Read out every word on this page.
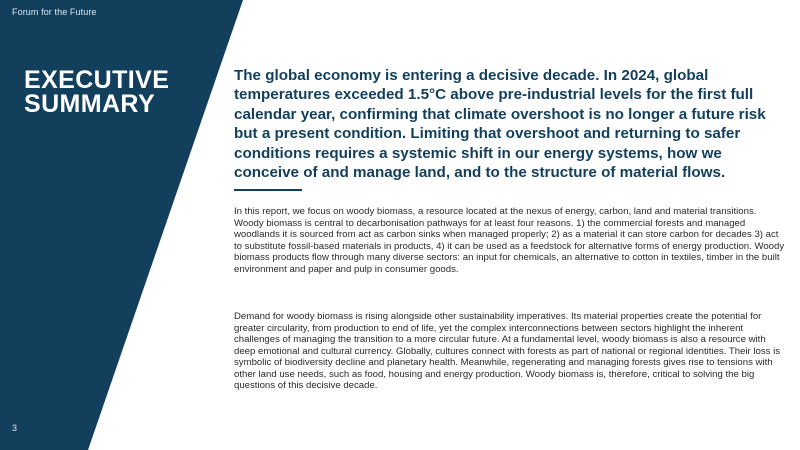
Forum for the Future
EXECUTIVE SUMMARY
3

The global economy is entering a decisive decade. In 2024, global temperatures exceeded 1.5°C above pre-industrial levels for the first full calendar year, confirming that climate overshoot is no longer a future risk but a present condition. Limiting that overshoot and returning to safer conditions requires a systemic shift in our energy systems, how we conceive of and manage land, and to the structure of material flows.

In this report, we focus on woody biomass, a resource located at the nexus of energy, carbon, land and material transitions. Woody biomass is central to decarbonisation pathways for at least four reasons. 1) the commercial forests and managed woodlands it is sourced from act as carbon sinks when managed properly; 2) as a material it can store carbon for decades 3) act to substitute fossil-based materials in products, 4) it can be used as a feedstock for alternative forms of energy production. Woody biomass products flow through many diverse sectors: an input for chemicals, an alternative to cotton in textiles, timber in the built environment and paper and pulp in consumer goods.

Demand for woody biomass is rising alongside other sustainability imperatives. Its material properties create the potential for greater circularity, from production to end of life, yet the complex interconnections between sectors highlight the inherent challenges of managing the transition to a more circular future. At a fundamental level, woody biomass is also a resource with deep emotional and cultural currency. Globally, cultures connect with forests as part of national or regional identities. Their loss is symbolic of biodiversity decline and planetary health. Meanwhile, regenerating and managing forests gives rise to tensions with other land use needs, such as food, housing and energy production. Woody biomass is, therefore, critical to solving the big questions of this decisive decade.
